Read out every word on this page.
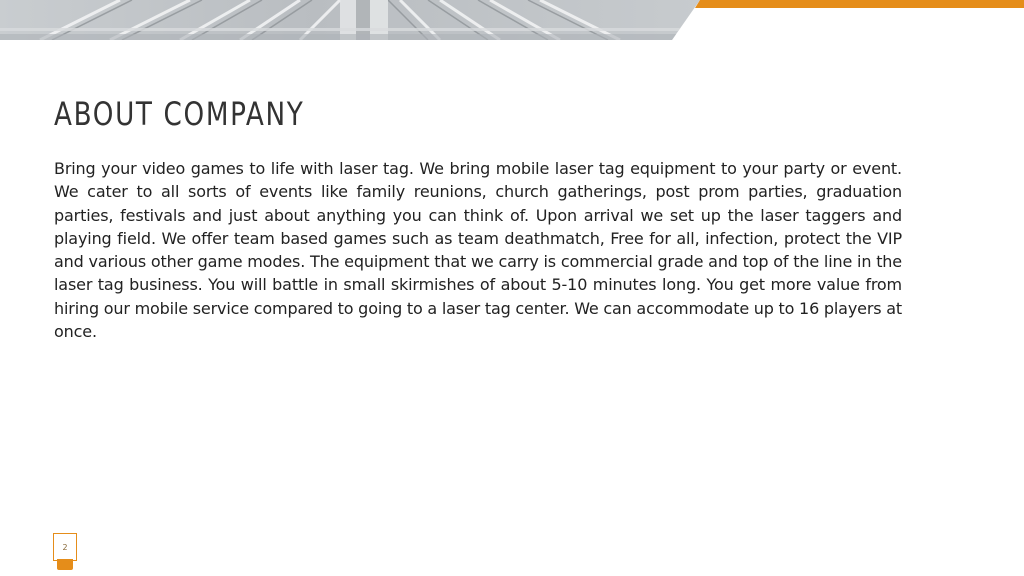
ABOUT COMPANY

Bring your video games to life with laser tag. We bring mobile laser tag equipment to your party or event. We cater to all sorts of events like family reunions, church gatherings, post prom parties, graduation parties, festivals and just about anything you can think of. Upon arrival we set up the laser taggers and playing field. We offer team based games such as team deathmatch, Free for all, infection, protect the VIP and various other game modes. The equipment that we carry is commercial grade and top of the line in the laser tag business. You will battle in small skirmishes of about 5-10 minutes long. You get more value from hiring our mobile service compared to going to a laser tag center. We can accommodate up to 16 players at once.

2
